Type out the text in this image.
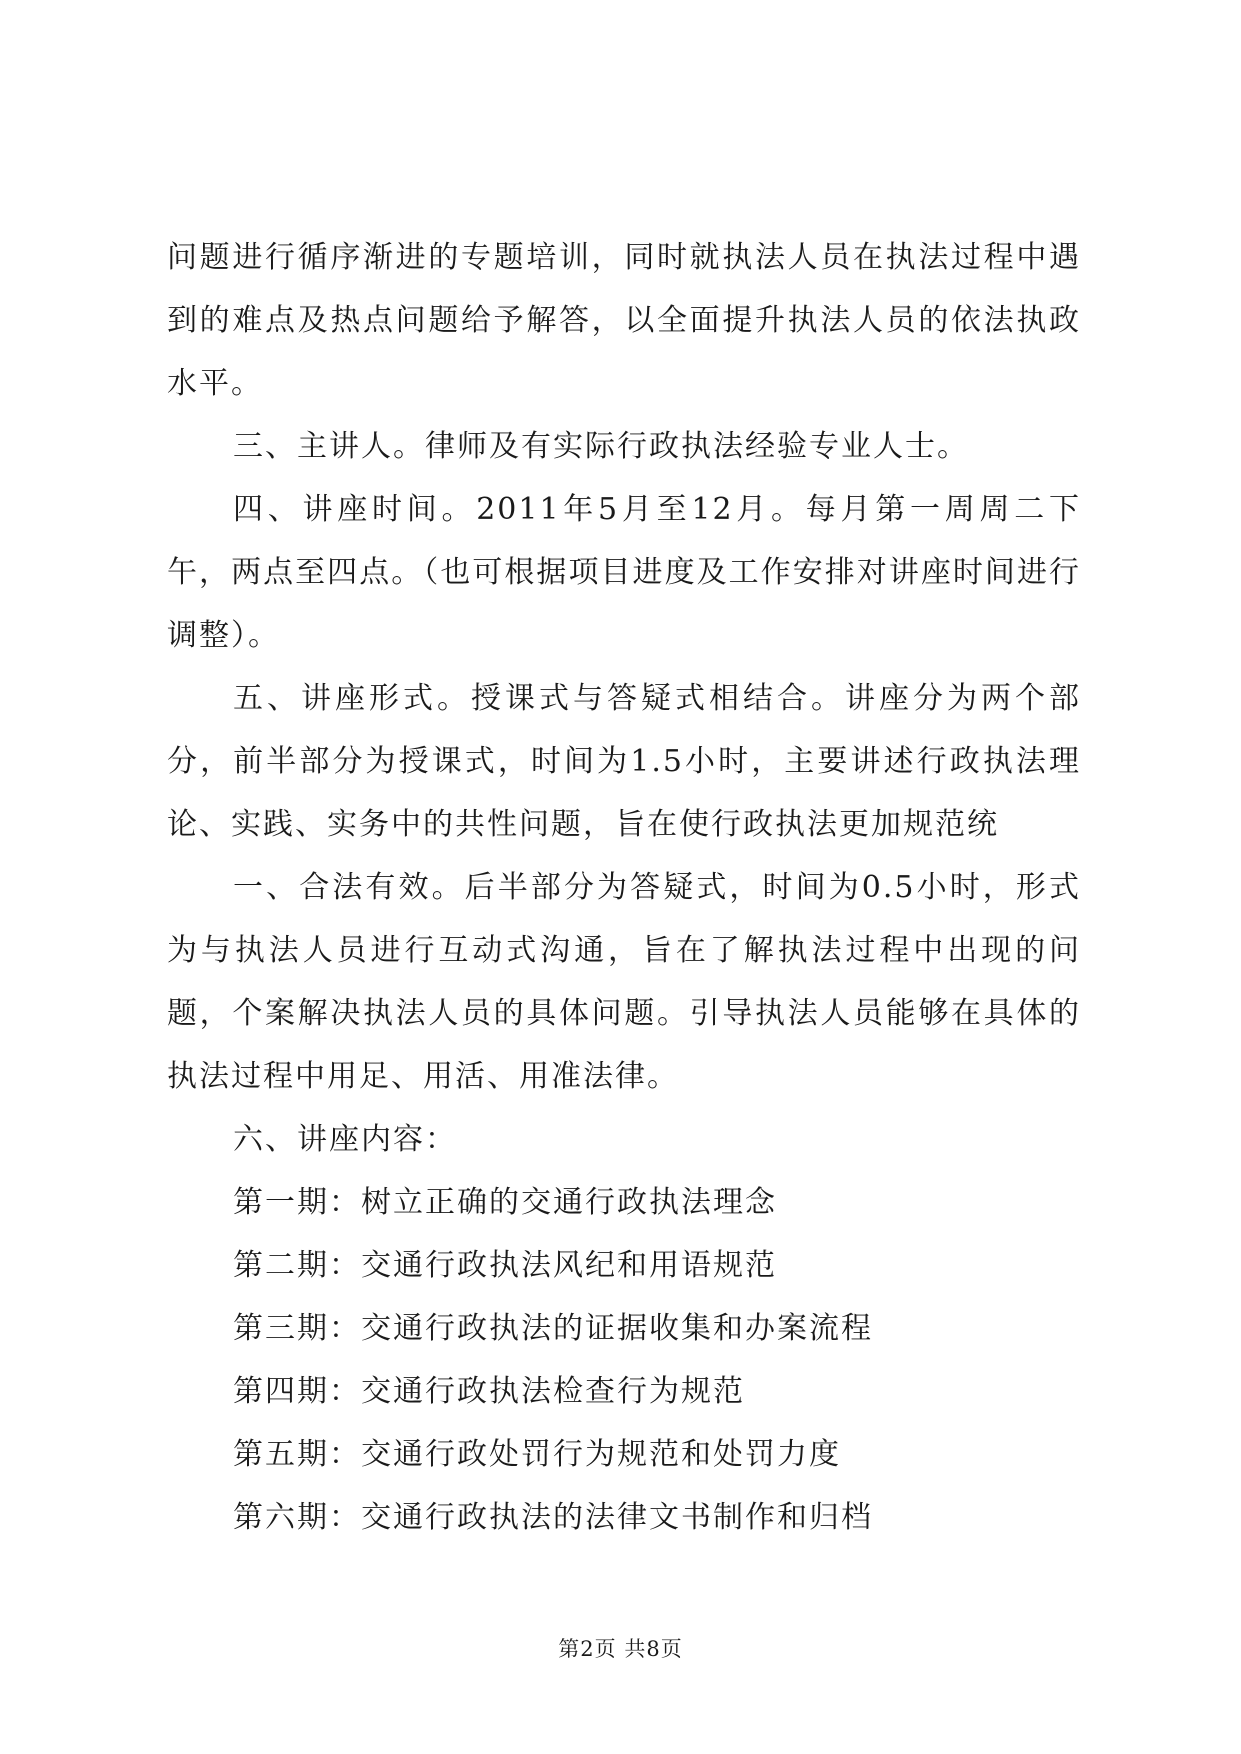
问题进行循序渐进的专题培训，同时就执法人员在执法过程中遇到的难点及热点问题给予解答，以全面提升执法人员的依法执政水平。

三、主讲人。律师及有实际行政执法经验专业人士。

四、讲座时间。2011年5月至12月。每月第一周周二下午，两点至四点。（也可根据项目进度及工作安排对讲座时间进行调整）。

五、讲座形式。授课式与答疑式相结合。讲座分为两个部分，前半部分为授课式，时间为1.5小时，主要讲述行政执法理论、实践、实务中的共性问题，旨在使行政执法更加规范统

一、合法有效。后半部分为答疑式，时间为0.5小时，形式为与执法人员进行互动式沟通，旨在了解执法过程中出现的问题，个案解决执法人员的具体问题。引导执法人员能够在具体的执法过程中用足、用活、用准法律。

六、讲座内容：

第一期：树立正确的交通行政执法理念
第二期：交通行政执法风纪和用语规范
第三期：交通行政执法的证据收集和办案流程
第四期：交通行政执法检查行为规范
第五期：交通行政处罚行为规范和处罚力度
第六期：交通行政执法的法律文书制作和归档
第2页 共8页
